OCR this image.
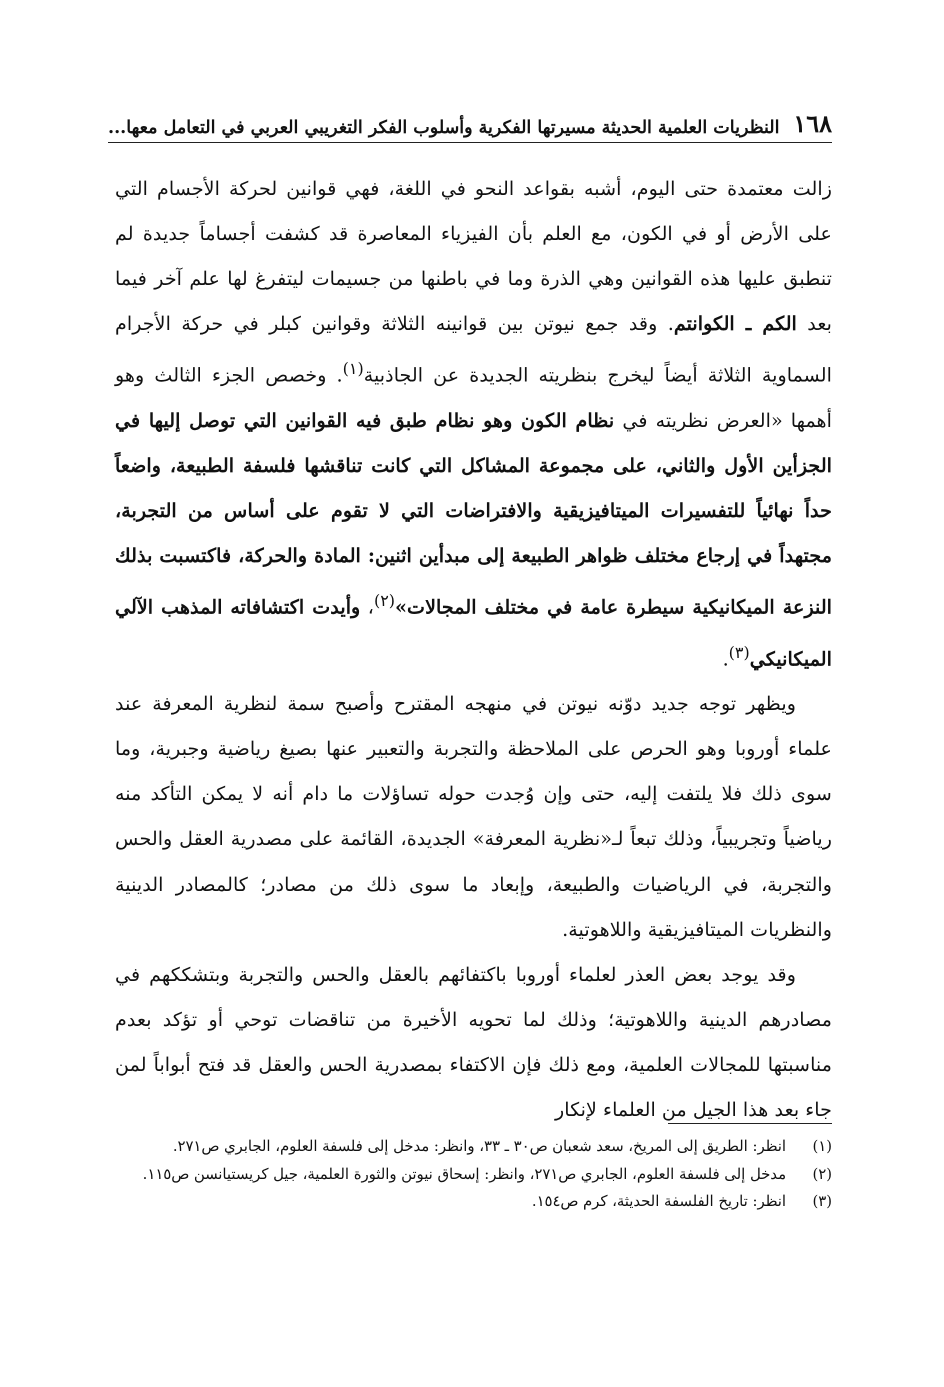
١٦٨
النظريات العلمية الحديثة مسيرتها الفكرية وأسلوب الفكر التغريبي العربي في التعامل معها...

زالت معتمدة حتى اليوم، أشبه بقواعد النحو في اللغة، فهي قوانين لحركة الأجسام التي على الأرض أو في الكون، مع العلم بأن الفيزياء المعاصرة قد كشفت أجساماً جديدة لم تنطبق عليها هذه القوانين وهي الذرة وما في باطنها من جسيمات ليتفرغ لها علم آخر فيما بعد الكم ـ الكوانتم. وقد جمع نيوتن بين قوانينه الثلاثة وقوانين كبلر في حركة الأجرام السماوية الثلاثة أيضاً ليخرج بنظريته الجديدة عن الجاذبية$^{(١)}$. وخصص الجزء الثالث وهو أهمها «العرض نظريته في نظام الكون وهو نظام طبق فيه القوانين التي توصل إليها في الجزأين الأول والثاني، على مجموعة المشاكل التي كانت تناقشها فلسفة الطبيعة، واضعاً حداً نهائياً للتفسيرات الميتافيزيقية والافتراضات التي لا تقوم على أساس من التجربة، مجتهداً في إرجاع مختلف ظواهر الطبيعة إلى مبدأين اثنين: المادة والحركة، فاكتسبت بذلك النزعة الميكانيكية سيطرة عامة في مختلف المجالات»$^{(٢)}$، وأيدت اكتشافاته المذهب الآلي الميكانيكي$^{(٣)}$.

ويظهر توجه جديد دوّنه نيوتن في منهجه المقترح وأصبح سمة لنظرية المعرفة عند علماء أوروبا وهو الحرص على الملاحظة والتجربة والتعبير عنها بصيغ رياضية وجبرية، وما سوى ذلك فلا يلتفت إليه، حتى وإن وُجدت حوله تساؤلات ما دام أنه لا يمكن التأكد منه رياضياً وتجريبياً، وذلك تبعاً لـ«نظرية المعرفة» الجديدة، القائمة على مصدرية العقل والحس والتجربة، في الرياضيات والطبيعة، وإبعاد ما سوى ذلك من مصادر؛ كالمصادر الدينية والنظريات الميتافيزيقية واللاهوتية.

وقد يوجد بعض العذر لعلماء أوروبا باكتفائهم بالعقل والحس والتجربة وبتشككهم في مصادرهم الدينية واللاهوتية؛ وذلك لما تحويه الأخيرة من تناقضات توحي أو تؤكد بعدم مناسبتها للمجالات العلمية، ومع ذلك فإن الاكتفاء بمصدرية الحس والعقل قد فتح أبواباً لمن جاء بعد هذا الجيل من العلماء لإنكار

(١)
انظر: الطريق إلى المريخ، سعد شعبان ص٣٠ ـ ٣٣، وانظر: مدخل إلى فلسفة العلوم، الجابري ص٢٧١.
(٢)
مدخل إلى فلسفة العلوم، الجابري ص٢٧١، وانظر: إسحاق نيوتن والثورة العلمية، جيل كريستيانسن ص١١٥.
(٣)
انظر: تاريخ الفلسفة الحديثة، كرم ص١٥٤.
